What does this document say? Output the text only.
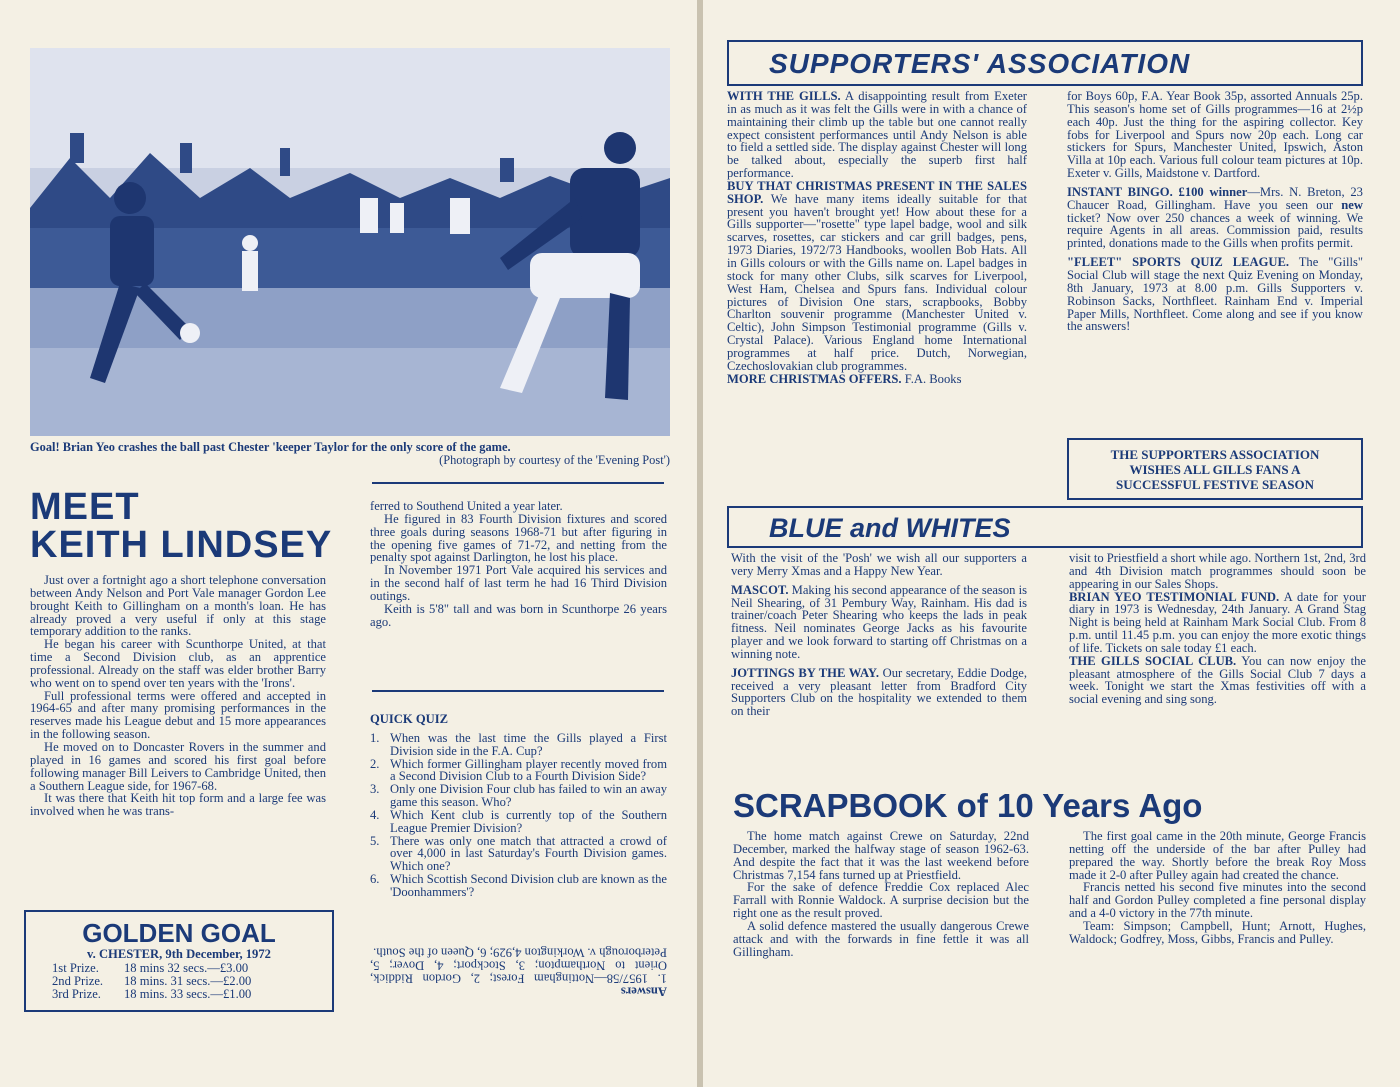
Goal! Brian Yeo crashes the ball past Chester 'keeper Taylor for the only score of the game.
(Photograph by courtesy of the 'Evening Post')
MEET
KEITH LINDSEY

Just over a fortnight ago a short telephone conversation between Andy Nelson and Port Vale manager Gordon Lee brought Keith to Gillingham on a month's loan. He has already proved a very useful if only at this stage temporary addition to the ranks.

He began his career with Scunthorpe United, at that time a Second Division club, as an apprentice professional. Already on the staff was elder brother Barry who went on to spend over ten years with the 'Irons'.

Full professional terms were offered and accepted in 1964-65 and after many promising performances in the reserves made his League debut and 15 more appearances in the following season.

He moved on to Doncaster Rovers in the summer and played in 16 games and scored his first goal before following manager Bill Leivers to Cambridge United, then a Southern League side, for 1967-68.

It was there that Keith hit top form and a large fee was involved when he was trans-

ferred to Southend United a year later.

He figured in 83 Fourth Division fixtures and scored three goals during seasons 1968-71 but after figuring in the opening five games of 71-72, and netting from the penalty spot against Darlington, he lost his place.

In November 1971 Port Vale acquired his services and in the second half of last term he had 16 Third Division outings.

Keith is 5'8" tall and was born in Scunthorpe 26 years ago.

QUICK QUIZ
1. When was the last time the Gills played a First Division side in the F.A. Cup?
2. Which former Gillingham player recently moved from a Second Division Club to a Fourth Division Side?
3. Only one Division Four club has failed to win an away game this season. Who?
4. Which Kent club is currently top of the Southern League Premier Division?
5. There was only one match that attracted a crowd of over 4,000 in last Saturday's Fourth Division games. Which one?
6. Which Scottish Second Division club are known as the 'Doonhammers'?
Answers

1. 1957/58—Nottingham Forest; 2, Gordon Riddick, Orient to Northampton; 3, Stockport; 4, Dover; 5, Peterborough v. Workington 4,929; 6, Queen of the South.

GOLDEN GOAL
v. CHESTER, 9th December, 1972
1st Prize. 18 mins 32 secs.—£3.00
2nd Prize. 18 mins. 31 secs.—£2.00
3rd Prize. 18 mins. 33 secs.—£1.00
SUPPORTERS' ASSOCIATION

WITH THE GILLS. A disappointing result from Exeter in as much as it was felt the Gills were in with a chance of maintaining their climb up the table but one cannot really expect consistent performances until Andy Nelson is able to field a settled side. The display against Chester will long be talked about, especially the superb first half performance.

BUY THAT CHRISTMAS PRESENT IN THE SALES SHOP. We have many items ideally suitable for that present you haven't brought yet! How about these for a Gills supporter—"rosette" type lapel badge, wool and silk scarves, rosettes, car stickers and car grill badges, pens, 1973 Diaries, 1972/73 Handbooks, woollen Bob Hats. All in Gills colours or with the Gills name on. Lapel badges in stock for many other Clubs, silk scarves for Liverpool, West Ham, Chelsea and Spurs fans. Individual colour pictures of Division One stars, scrapbooks, Bobby Charlton souvenir programme (Manchester United v. Celtic), John Simpson Testimonial programme (Gills v. Crystal Palace). Various England home International programmes at half price. Dutch, Norwegian, Czechoslovakian club programmes.

MORE CHRISTMAS OFFERS. F.A. Books

for Boys 60p, F.A. Year Book 35p, assorted Annuals 25p. This season's home set of Gills programmes—16 at 2½p each 40p. Just the thing for the aspiring collector. Key fobs for Liverpool and Spurs now 20p each. Long car stickers for Spurs, Manchester United, Ipswich, Aston Villa at 10p each. Various full colour team pictures at 10p. Exeter v. Gills, Maidstone v. Dartford.

INSTANT BINGO. £100 winner—Mrs. N. Breton, 23 Chaucer Road, Gillingham. Have you seen our new ticket? Now over 250 chances a week of winning. We require Agents in all areas. Commission paid, results printed, donations made to the Gills when profits permit.

"FLEET" SPORTS QUIZ LEAGUE. The "Gills" Social Club will stage the next Quiz Evening on Monday, 8th January, 1973 at 8.00 p.m. Gills Supporters v. Robinson Sacks, Northfleet. Rainham End v. Imperial Paper Mills, Northfleet. Come along and see if you know the answers!

THE SUPPORTERS ASSOCIATION WISHES ALL GILLS FANS A SUCCESSFUL FESTIVE SEASON
BLUE and WHITES

With the visit of the 'Posh' we wish all our supporters a very Merry Xmas and a Happy New Year.

MASCOT. Making his second appearance of the season is Neil Shearing, of 31 Pembury Way, Rainham. His dad is trainer/coach Peter Shearing who keeps the lads in peak fitness. Neil nominates George Jacks as his favourite player and we look forward to starting off Christmas on a winning note.

JOTTINGS BY THE WAY. Our secretary, Eddie Dodge, received a very pleasant letter from Bradford City Supporters Club on the hospitality we extended to them on their

visit to Priestfield a short while ago. Northern 1st, 2nd, 3rd and 4th Division match programmes should soon be appearing in our Sales Shops.

BRIAN YEO TESTIMONIAL FUND. A date for your diary in 1973 is Wednesday, 24th January. A Grand Stag Night is being held at Rainham Mark Social Club. From 8 p.m. until 11.45 p.m. you can enjoy the more exotic things of life. Tickets on sale today £1 each.

THE GILLS SOCIAL CLUB. You can now enjoy the pleasant atmosphere of the Gills Social Club 7 days a week. Tonight we start the Xmas festivities off with a social evening and sing song.

SCRAPBOOK of 10 Years Ago

The home match against Crewe on Saturday, 22nd December, marked the halfway stage of season 1962-63. And despite the fact that it was the last weekend before Christmas 7,154 fans turned up at Priestfield.

For the sake of defence Freddie Cox replaced Alec Farrall with Ronnie Waldock. A surprise decision but the right one as the result proved.

A solid defence mastered the usually dangerous Crewe attack and with the forwards in fine fettle it was all Gillingham.

The first goal came in the 20th minute, George Francis netting off the underside of the bar after Pulley had prepared the way. Shortly before the break Roy Moss made it 2-0 after Pulley again had created the chance.

Francis netted his second five minutes into the second half and Gordon Pulley completed a fine personal display and a 4-0 victory in the 77th minute.

Team: Simpson; Campbell, Hunt; Arnott, Hughes, Waldock; Godfrey, Moss, Gibbs, Francis and Pulley.
